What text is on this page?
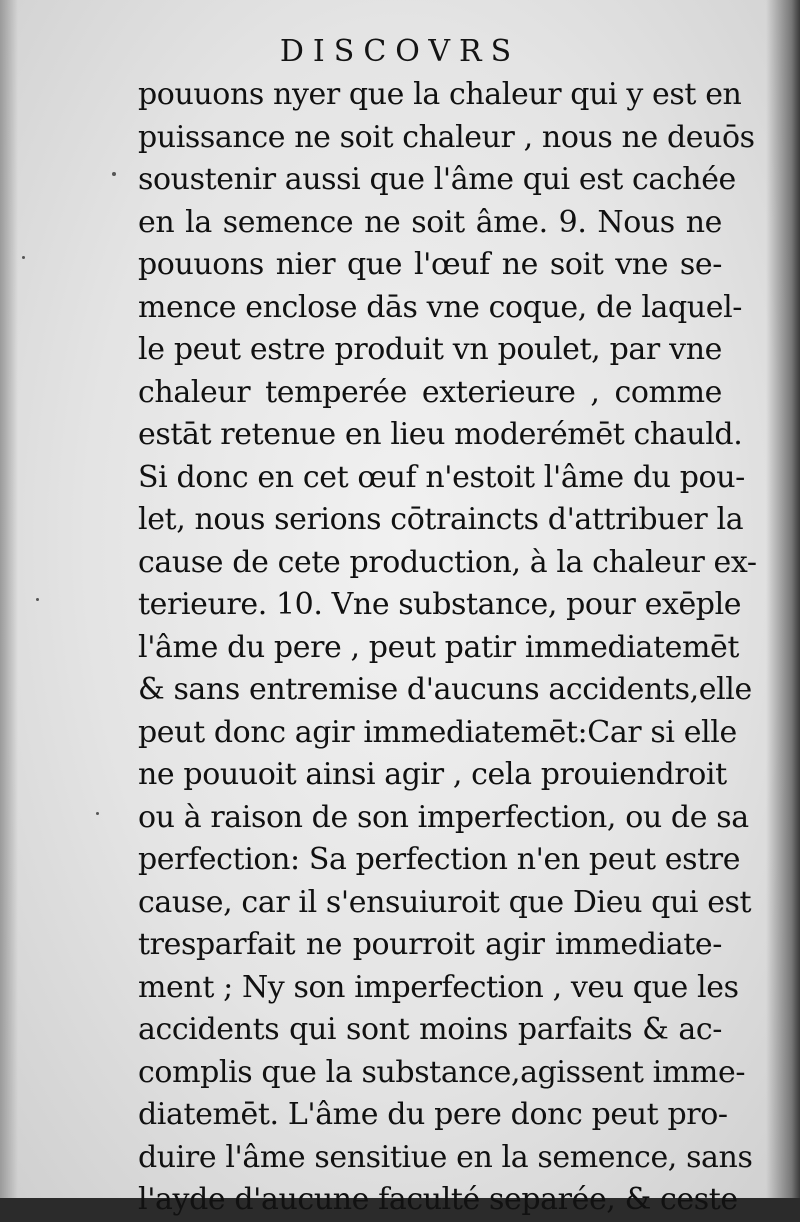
DISCOVRS
pouuons nyer que la chaleur qui y est en
puissance ne soit chaleur , nous ne deuōs
soustenir aussi que l'âme qui est cachée
en la semence ne soit âme. 9. Nous ne
pouuons nier que l'œuf ne soit vne se-
mence enclose dās vne coque, de laquel-
le peut estre produit vn poulet, par vne
chaleur temperée exterieure , comme
estāt retenue en lieu moderémēt chauld.
Si donc en cet œuf n'estoit l'âme du pou-
let, nous serions cōtraincts d'attribuer la
cause de cete production, à la chaleur ex-
terieure. 10. Vne substance, pour exēple
l'âme du pere , peut patir immediatemēt
& sans entremise d'aucuns accidents,elle
peut donc agir immediatemēt:Car si elle
ne pouuoit ainsi agir , cela prouiendroit
ou à raison de son imperfection, ou de sa
perfection: Sa perfection n'en peut estre
cause, car il s'ensuiuroit que Dieu qui est
tresparfait ne pourroit agir immediate-
ment ; Ny son imperfection , veu que les
accidents qui sont moins parfaits & ac-
complis que la substance,agissent imme-
diatemēt. L'âme du pere donc peut pro-
duire l'âme sensitiue en la semence, sans
l'ayde d'aucune faculté separée, & ceste
